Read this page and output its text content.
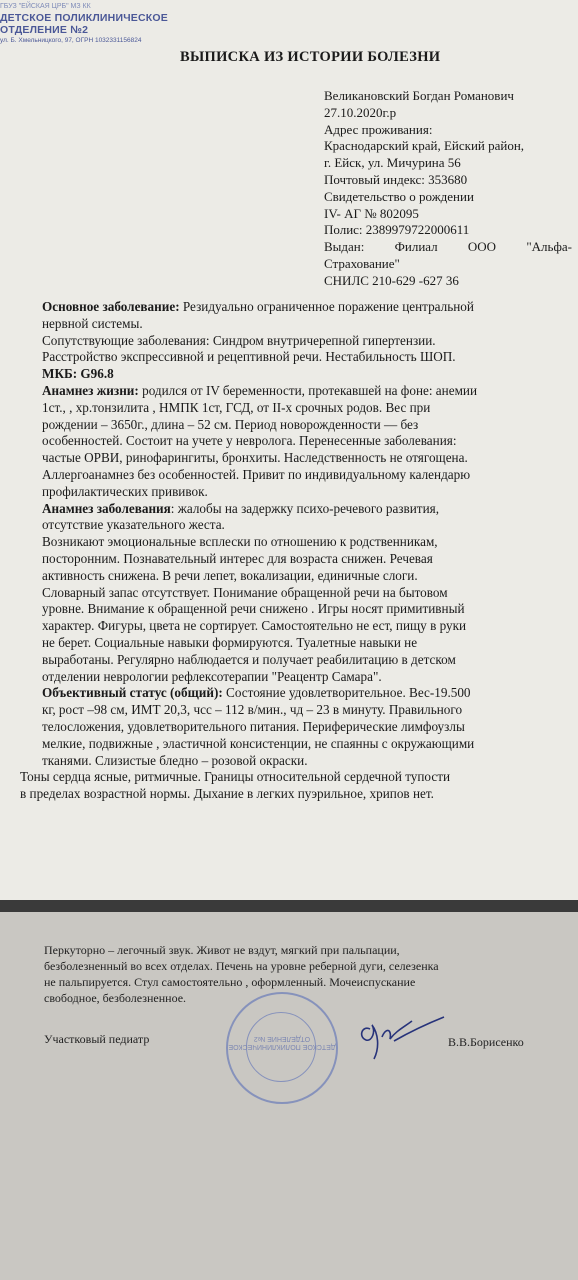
ГБУЗ "ЕЙСКАЯ ЦРБ" МЗ КК
ДЕТСКОЕ ПОЛИКЛИНИЧЕСКОЕ
ОТДЕЛЕНИЕ №2
ул. Б. Хмельницкого, 97, ОГРН 1032331156824
ВЫПИСКА ИЗ ИСТОРИИ БОЛЕЗНИ
Великановский Богдан Романович
27.10.2020г.р
Адрес проживания:
Краснодарский край, Ейский район,
г. Ейск, ул. Мичурина 56
Почтовый индекс: 353680
Свидетельство о рождении
IV- АГ № 802095
Полис: 2389979722000611
Выдан: Филиал ООО "Альфа-
Страхование"
СНИЛС 210-629 -627 36

Основное заболевание: Резидуально ограниченное поражение центральной

нервной системы.

Сопутствующие заболевания: Синдром внутричерепной гипертензии.

Расстройство экспрессивной и рецептивной речи. Нестабильность ШОП.

МКБ: G96.8

Анамнез жизни: родился от IV беременности, протекавшей на фоне: анемии

1ст., , хр.тонзилита , НМПК 1ст, ГСД, от II-х срочных родов. Вес при

рождении – 3650г., длина – 52 см. Период новорожденности — без

особенностей. Состоит на учете у невролога. Перенесенные заболевания:

частые ОРВИ, ринофарингиты, бронхиты. Наследственность не отягощена.

Аллергоанамнез без особенностей. Привит по индивидуальному календарю

профилактических прививок.

Анамнез заболевания: жалобы на задержку психо-речевого развития,

отсутствие указательного жеста.

Возникают эмоциональные всплески по отношению к родственникам,

посторонним. Познавательный интерес для возраста снижен. Речевая

активность снижена. В речи лепет, вокализации, единичные слоги.

Словарный запас отсутствует. Понимание обращенной речи на бытовом

уровне. Внимание к обращенной речи снижено . Игры носят примитивный

характер. Фигуры, цвета не сортирует. Самостоятельно не ест, пищу в руки

не берет. Социальные навыки формируются. Туалетные навыки не

выработаны. Регулярно наблюдается и получает реабилитацию в детском

отделении неврологии рефлексотерапии "Реацентр Самара".

Объективный статус (общий): Состояние удовлетворительное. Вес-19.500

кг, рост –98 см, ИМТ 20,3, чсс – 112 в/мин., чд – 23 в минуту. Правильного

телосложения, удовлетворительного питания. Периферические лимфоузлы

мелкие, подвижные , эластичной консистенции, не спаянны с окружающими

тканями. Слизистые бледно – розовой окраски.

Тоны сердца ясные, ритмичные. Границы относительной сердечной тупости

в пределах возрастной нормы. Дыхание в легких пуэрильное, хрипов нет.

Перкуторно – легочный звук. Живот не вздут, мягкий при пальпации,

безболезненный во всех отделах. Печень на уровне реберной дуги, селезенка

не пальпируется. Стул самостоятельно , оформленный. Мочеиспускание

свободное, безболезненное.

Участковый педиатр
ДЕТСКОЕ ПОЛИКЛИНИЧЕСКОЕ
ОТДЕЛЕНИЕ №2	В.В.Борисенко
